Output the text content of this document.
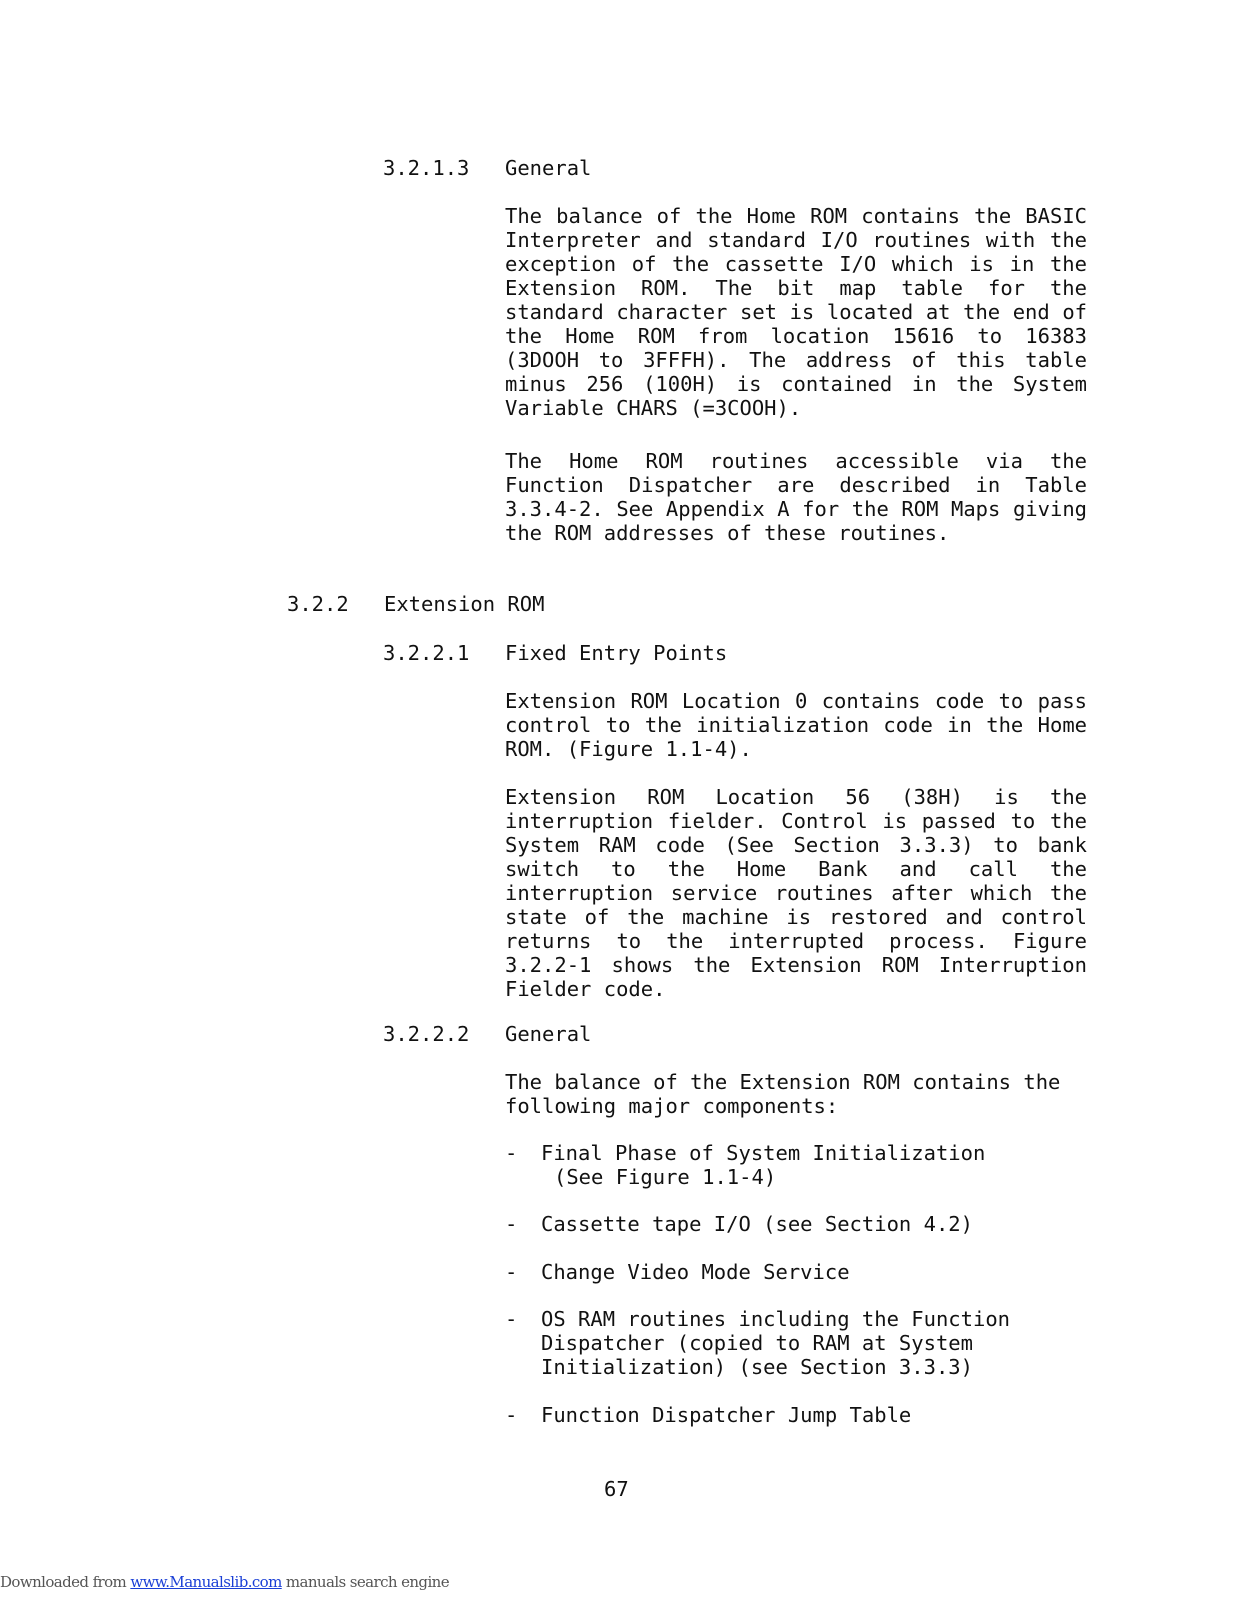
3.2.1.3 General
The balance of the Home ROM contains the BASIC Interpreter and standard I/O routines with the exception of the cassette I/O which is in the Extension ROM. The bit map table for the standard character set is located at the end of the Home ROM from location 15616 to 16383 (3DOOH to 3FFFH). The address of this table minus 256 (100H) is contained in the System Variable CHARS (=3COOH).
The Home ROM routines accessible via the Function Dispatcher are described in Table 3.3.4-2. See Appendix A for the ROM Maps giving the ROM addresses of these routines.
3.2.2 Extension ROM
3.2.2.1 Fixed Entry Points
Extension ROM Location 0 contains code to pass control to the initialization code in the Home ROM. (Figure 1.1-4).
Extension ROM Location 56 (38H) is the interruption fielder. Control is passed to the System RAM code (See Section 3.3.3) to bank switch to the Home Bank and call the interruption service routines after which the state of the machine is restored and control returns to the interrupted process. Figure 3.2.2-1 shows the Extension ROM Interruption Fielder code.
3.2.2.2 General
The balance of the Extension ROM contains the following major components:
-	Final Phase of System Initialization
(See Figure 1.1-4)
-	Cassette tape I/O (see Section 4.2)
-	Change Video Mode Service
-	OS RAM routines including the Function Dispatcher (copied to RAM at System Initialization) (see Section 3.3.3)
-	Function Dispatcher Jump Table
67
Downloaded from www.Manualslib.com manuals search engine
